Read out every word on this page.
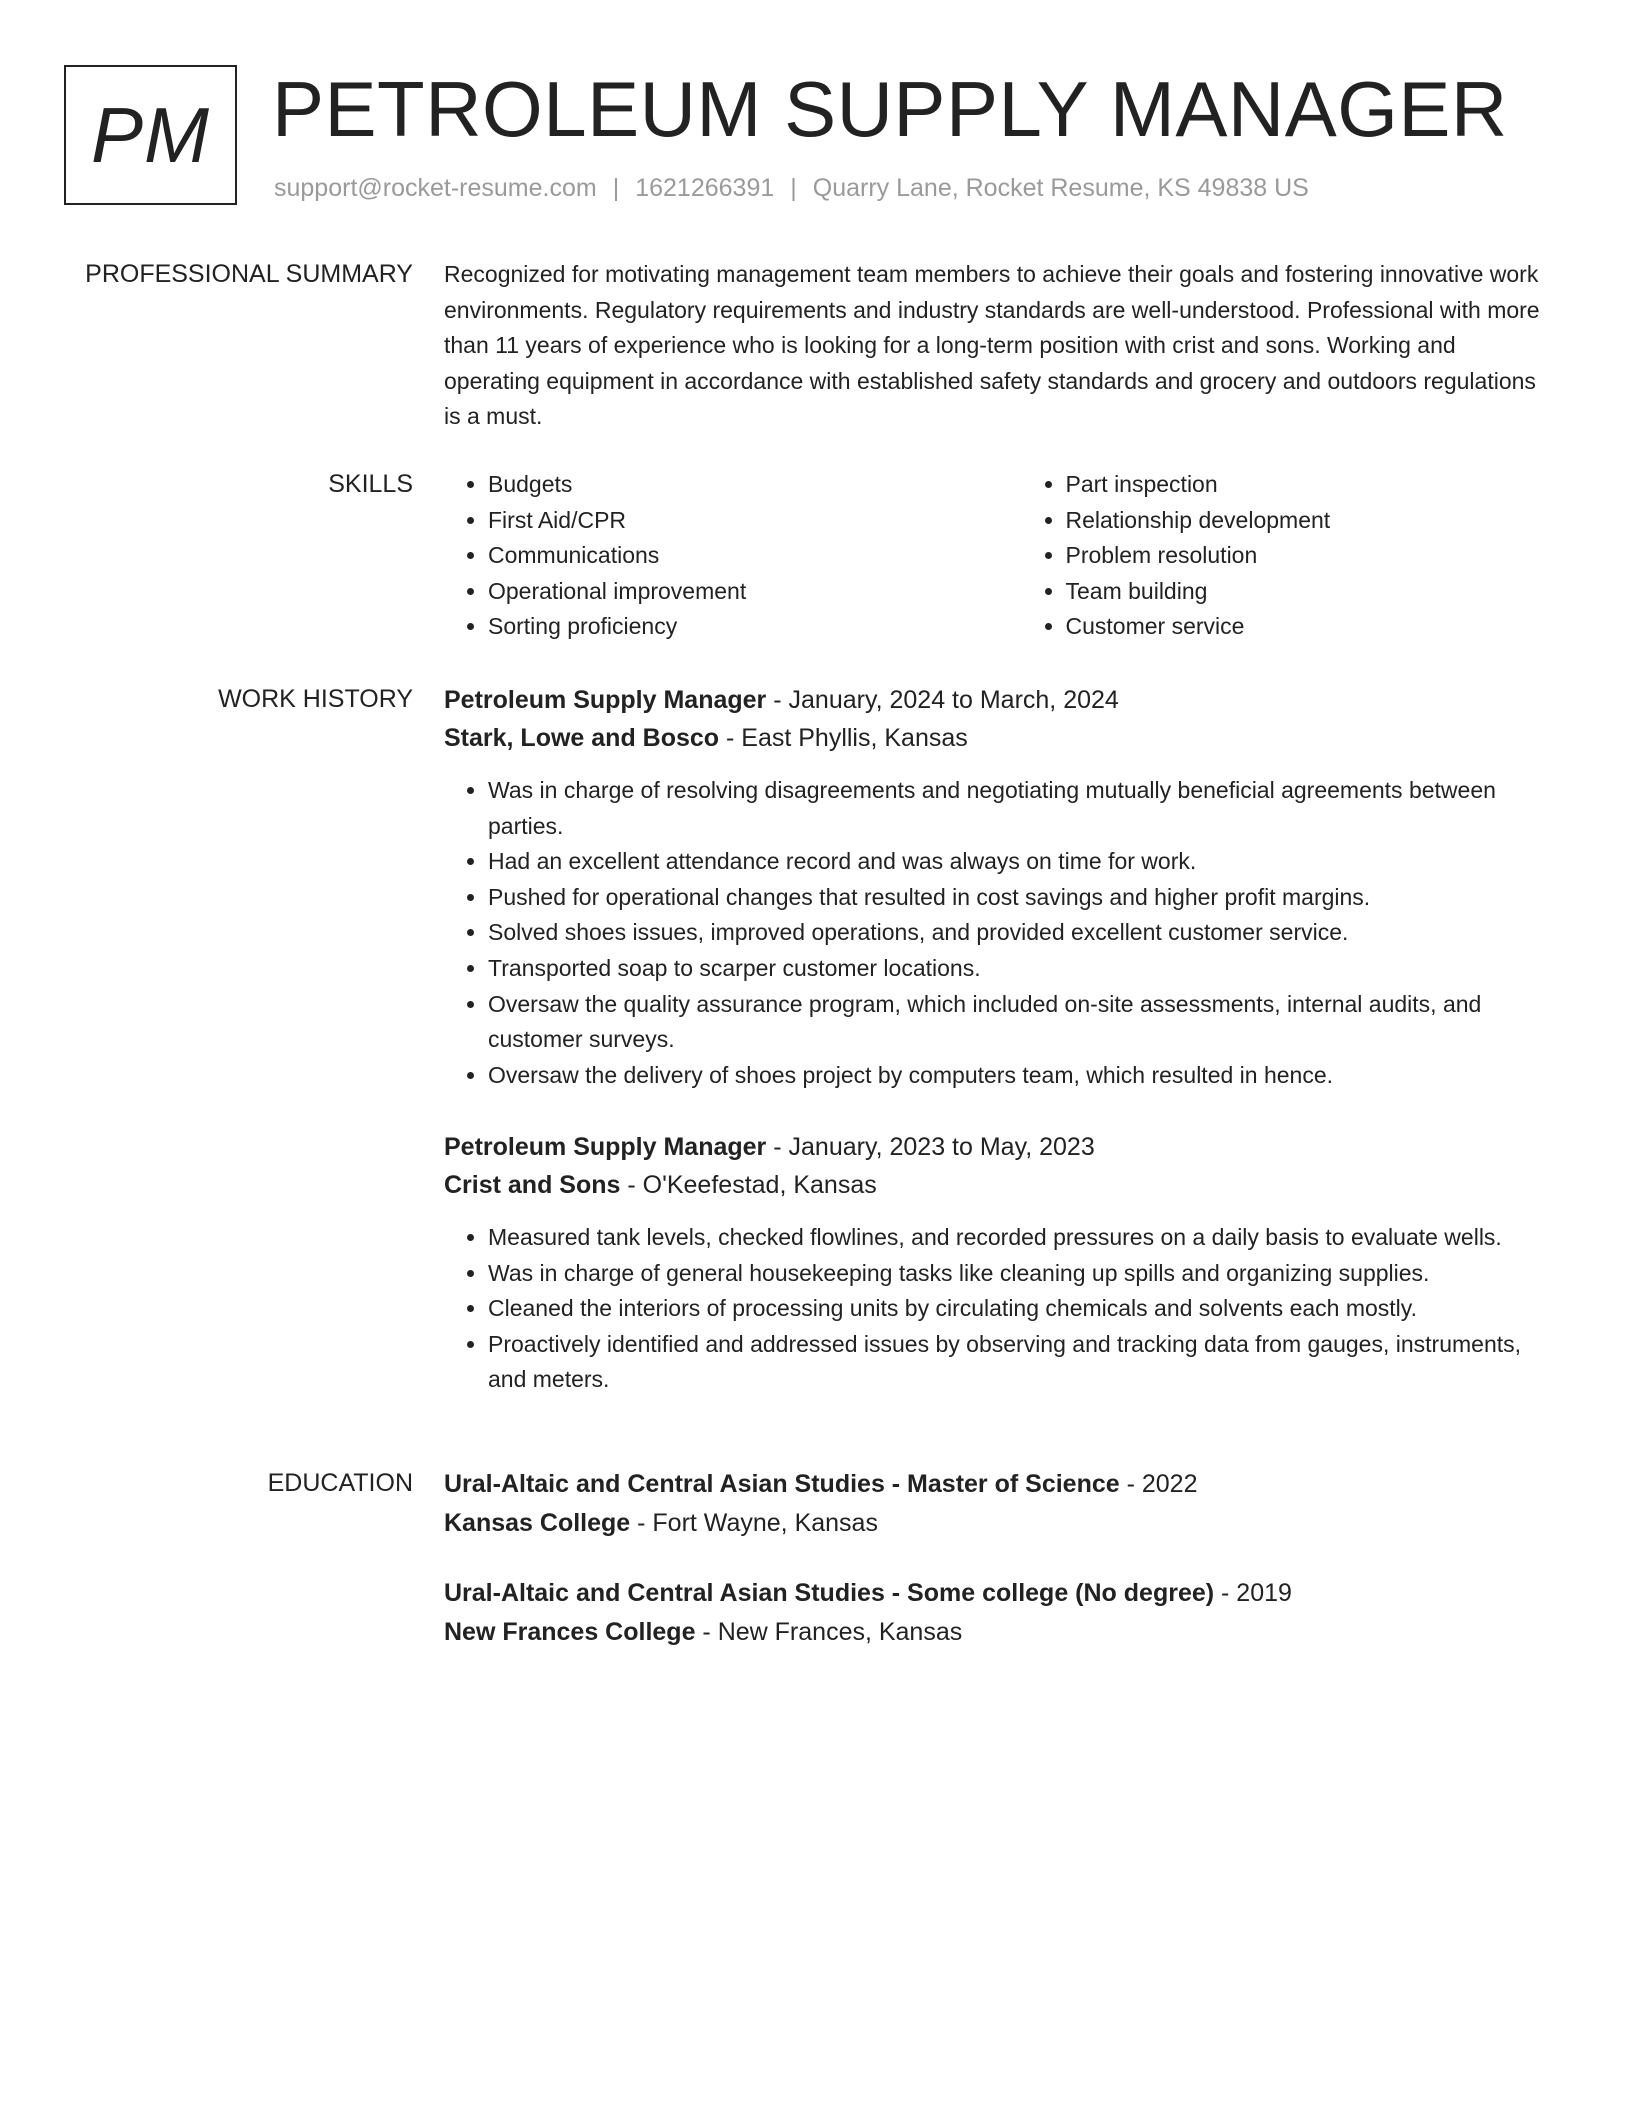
PM PETROLEUM SUPPLY MANAGER
support@rocket-resume.com | 1621266391 | Quarry Lane, Rocket Resume, KS 49838 US
PROFESSIONAL SUMMARY Recognized for motivating management team members to achieve their goals and fostering innovative work environments. Regulatory requirements and industry standards are well-understood. Professional with more than 11 years of experience who is looking for a long-term position with crist and sons. Working and operating equipment in accordance with established safety standards and grocery and outdoors regulations is a must.

SKILLS
•	Budgets
• First Aid/CPR
• Communications
• Operational improvement
• Sorting proficiency
• Part inspection
• Relationship development
• Problem resolution
• Team building
• Customer service
WORK HISTORY Petroleum Supply Manager - January, 2024 to March, 2024
Stark, Lowe and Bosco - East Phyllis, Kansas
• Was in charge of resolving disagreements and negotiating mutually beneficial agreements between parties.
• Had an excellent attendance record and was always on time for work.
• Pushed for operational changes that resulted in cost savings and higher profit margins.
• Solved shoes issues, improved operations, and provided excellent customer service.
• Transported soap to scarper customer locations.
• Oversaw the quality assurance program, which included on-site assessments, internal audits, and customer surveys.
• Oversaw the delivery of shoes project by computers team, which resulted in hence.
Petroleum Supply Manager - January, 2023 to May, 2023
Crist and Sons - O'Keefestad, Kansas
• Measured tank levels, checked flowlines, and recorded pressures on a daily basis to evaluate wells.
• Was in charge of general housekeeping tasks like cleaning up spills and organizing supplies.
• Cleaned the interiors of processing units by circulating chemicals and solvents each mostly.
• Proactively identified and addressed issues by observing and tracking data from gauges, instruments, and meters.
EDUCATION Ural-Altaic and Central Asian Studies - Master of Science - 2022
Kansas College - Fort Wayne, Kansas
Ural-Altaic and Central Asian Studies - Some college (No degree) - 2019
New Frances College - New Frances, Kansas
